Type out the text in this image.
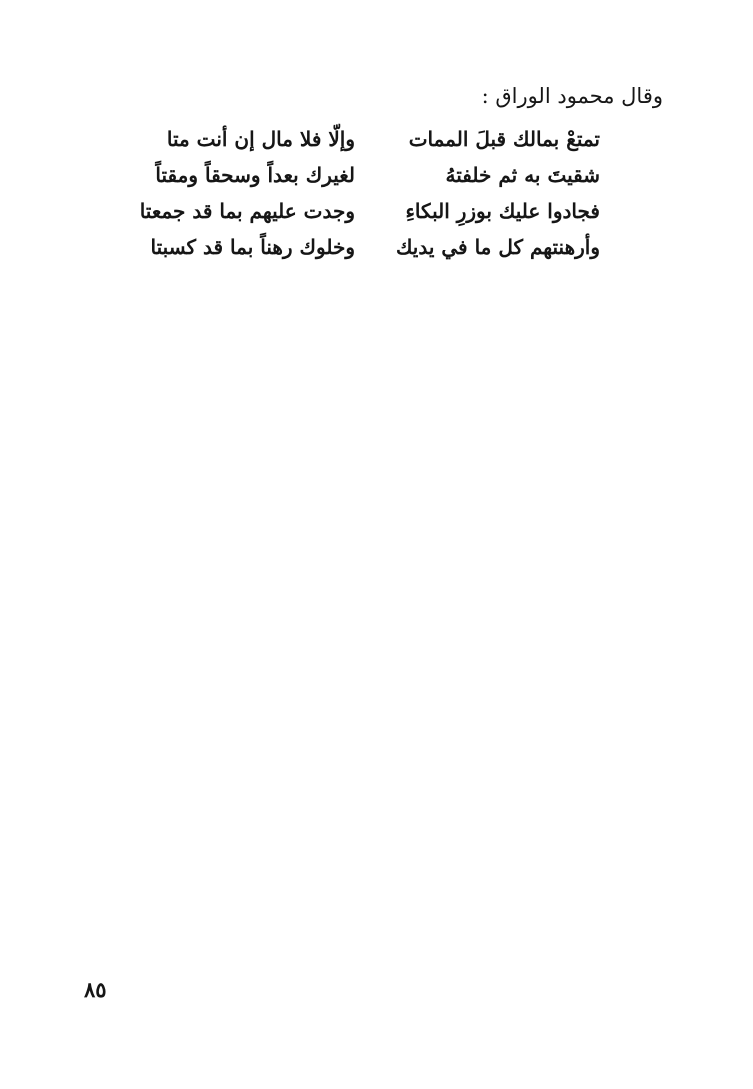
وقال محمود الوراق :
تمتعْ بمالك قبلَ الممات
وإلّا فلا مال إن أنت متا
شقيتَ به ثم خلفتهُ
لغيرك بعداً وسحقاً ومقتاً
فجادوا عليك بوزرِ البكاءِ
وجدت عليهم بما قد جمعتا
وأرهنتهم كل ما في يديك
وخلوك رهناً بما قد كسبتا
٨٥
